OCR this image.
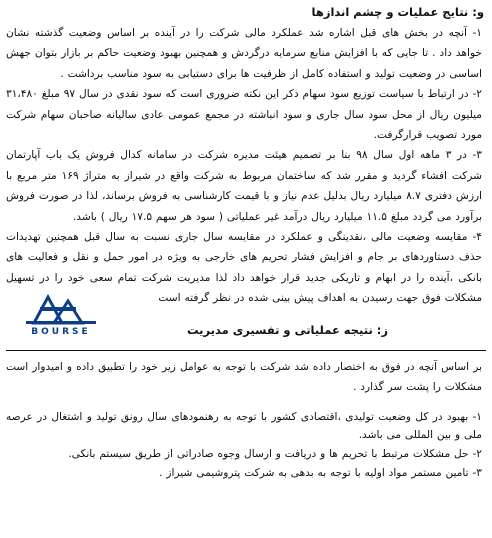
و: نتایج عملیات و چشم اندازها

۱- آنچه در بخش های قبل اشاره شد عملکرد مالی شرکت را در آینده بر اساس وضعیت گذشته نشان خواهد داد . تا جایی که با افزایش منابع سرمایه درگردش و همچنین بهبود وضعیت حاکم بر بازار بتوان جهش اساسی در وضعیت تولید و استفاده کامل از ظرفیت ها برای دستیابی به سود مناسب برداشت .

۲- در ارتباط با سیاست توزیع سود سهام ذکر این نکته ضروری است که سود نقدی در سال ۹۷ مبلغ ۳۱،۴۸۰ میلیون ریال از محل سود سال جاری و سود انباشته در مجمع عمومی عادی سالیانه صاحبان سهام شرکت مورد تصویب قرارگرفت.

۳- در ۳ ماهه اول سال ۹۸ بنا بر تصمیم هیئت مدیره شرکت در سامانه کدال فروش یک باب آپارتمان شرکت افشاء گردید و مقرر شد که ساختمان مربوط به شرکت واقع در شیراز به متراژ ۱۶۹ متر مربع با ارزش دفتری ۸.۷ میلیارد ریال بدلیل عدم نیاز و با قیمت کارشناسی به فروش برساند، لذا در صورت فروش برآورد می گردد مبلغ ۱۱.۵ میلیارد ریال درآمد غیر عملیاتی ( سود هر سهم ۱۷.۵ ریال ) باشد.

۴- مقایسه وضعیت مالی ،نقدینگی و عملکرد در مقایسه سال جاری نسبت به سال قبل همچنین تهدیدات حذف دستاوردهای بر جام و افزایش فشار تحریم های خارجی به ویژه در امور حمل و نقل و فعالیت های بانکی ،آینده را در ابهام و تاریکی جدید قرار خواهد داد لذا مدیریت شرکت تمام سعی خود را در تسهیل مشکلات فوق جهت رسیدن به اهداف پیش بینی شده در نظر گرفته است

ز: نتیجه عملیاتی و تفسیری مدیریت

بر اساس آنچه در فوق به اختصار داده شد شرکت با توجه به عوامل زیر خود را تطبیق داده و امیدوار است مشکلات را پشت سر گذارد .

۱- بهبود در کل وضعیت تولیدی ،اقتصادی کشور با توجه به رهنمودهای سال رونق تولید و اشتغال در عرصه ملی و بین المللی می باشد.

۲- حل مشکلات مرتبط با تحریم ها و دریافت و ارسال وجوه صادراتی از طریق سیستم بانکی.

۳- تامین مستمر مواد اولیه با توجه به بدهی به شرکت پتروشیمی شیراز .

BOURSE
